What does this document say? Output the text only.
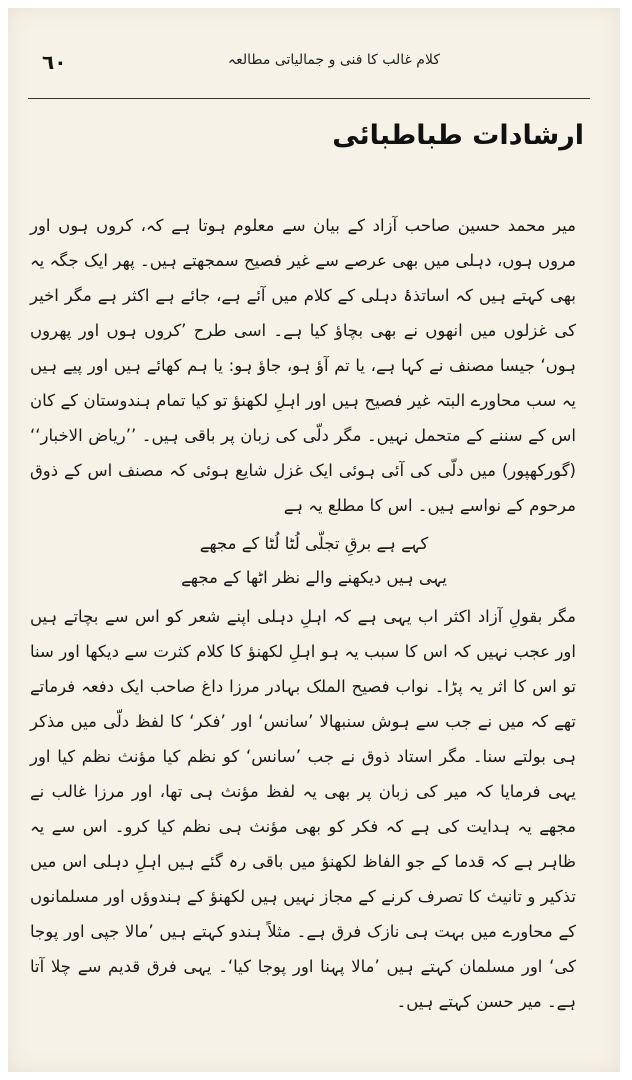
٦٠	کلام غالب کا فنی و جمالیاتی مطالعہ
ارشادات طباطبائی

میر محمد حسین صاحب آزاد کے بیان سے معلوم ہوتا ہے کہ، کروں ہوں اور مروں ہوں، دہلی میں بھی عرصے سے غیر فصیح سمجھتے ہیں۔ پھر ایک جگہ یہ بھی کہتے ہیں کہ اساتذۂ دہلی کے کلام میں آئے ہے، جائے ہے اکثر ہے مگر اخیر کی غزلوں میں انھوں نے بھی بچاؤ کیا ہے۔ اسی طرح ’کروں ہوں اور پھروں ہوں‘ جیسا مصنف نے کہا ہے، یا تم آؤ ہو، جاؤ ہو: یا ہم کھائے ہیں اور پیے ہیں یہ سب محاورے البتہ غیر فصیح ہیں اور اہلِ لکھنؤ تو کیا تمام ہندوستان کے کان اس کے سننے کے متحمل نہیں۔ مگر دلّی کی زبان پر باقی ہیں۔ ’’ریاض الاخبار‘‘ (گورکھپور) میں دلّی کی آئی ہوئی ایک غزل شایع ہوئی کہ مصنف اس کے ذوق مرحوم کے نواسے ہیں۔ اس کا مطلع یہ ہے

کہے ہے برقِ تجلّی لُٹا لُٹا کے مجھے
یہی ہیں دیکھنے والے نظر اٹھا کے مجھے

مگر بقولِ آزاد اکثر اب یہی ہے کہ اہلِ دہلی اپنے شعر کو اس سے بچاتے ہیں اور عجب نہیں کہ اس کا سبب یہ ہو اہلِ لکھنؤ کا کلام کثرت سے دیکھا اور سنا تو اس کا اثر یہ پڑا۔ نواب فصیح الملک بہادر مرزا داغ صاحب ایک دفعہ فرماتے تھے کہ میں نے جب سے ہوش سنبھالا ’سانس‘ اور ’فکر‘ کا لفظ دلّی میں مذکر ہی بولتے سنا۔ مگر استاد ذوق نے جب ’سانس‘ کو نظم کیا مؤنث نظم کیا اور یہی فرمایا کہ میر کی زبان پر بھی یہ لفظ مؤنث ہی تھا، اور مرزا غالب نے مجھے یہ ہدایت کی ہے کہ فکر کو بھی مؤنث ہی نظم کیا کرو۔ اس سے یہ ظاہر ہے کہ قدما کے جو الفاظ لکھنؤ میں باقی رہ گئے ہیں اہلِ دہلی اس میں تذکیر و تانیث کا تصرف کرنے کے مجاز نہیں ہیں لکھنؤ کے ہندوؤں اور مسلمانوں کے محاورے میں بہت ہی نازک فرق ہے۔ مثلاً ہندو کہتے ہیں ’مالا جپی اور پوجا کی‘ اور مسلمان کہتے ہیں ’مالا پہنا اور پوجا کیا‘۔ یہی فرق قدیم سے چلا آتا ہے۔ میر حسن کہتے ہیں۔
